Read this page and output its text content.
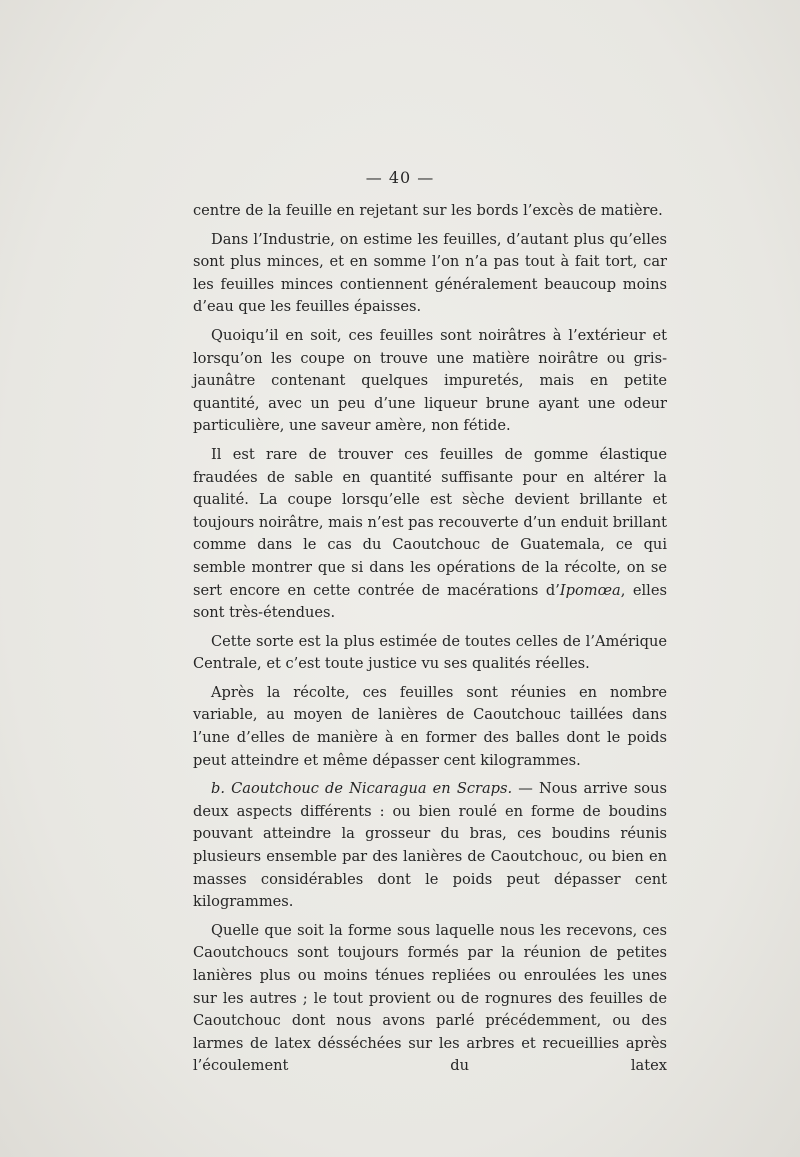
— 40 —

centre de la feuille en rejetant sur les bords l’excès de matière.

Dans l’Industrie, on estime les feuilles, d’autant plus qu’elles sont plus minces, et en somme l’on n’a pas tout à fait tort, car les feuilles minces contiennent généralement beaucoup moins d’eau que les feuilles épaisses.

Quoiqu’il en soit, ces feuilles sont noirâtres à l’extérieur et lorsqu’on les coupe on trouve une matière noirâtre ou gris-jaunâtre contenant quelques impuretés, mais en petite quantité, avec un peu d’une liqueur brune ayant une odeur particulière, une saveur amère, non fétide.

Il est rare de trouver ces feuilles de gomme élastique fraudées de sable en quantité suffisante pour en altérer la qualité. La coupe lorsqu’elle est sèche devient brillante et toujours noirâtre, mais n’est pas recouverte d’un enduit brillant comme dans le cas du Caoutchouc de Guatemala, ce qui semble montrer que si dans les opérations de la récolte, on se sert encore en cette contrée de macérations d’Ipomœa, elles sont très-étendues.

Cette sorte est la plus estimée de toutes celles de l’Amérique Centrale, et c’est toute justice vu ses qualités réelles.

Après la récolte, ces feuilles sont réunies en nombre variable, au moyen de lanières de Caoutchouc taillées dans l’une d’elles de manière à en former des balles dont le poids peut atteindre et même dépasser cent kilogrammes.

b. Caoutchouc de Nicaragua en Scraps. — Nous arrive sous deux aspects différents : ou bien roulé en forme de boudins pouvant atteindre la grosseur du bras, ces boudins réunis plusieurs ensemble par des lanières de Caoutchouc, ou bien en masses considérables dont le poids peut dépasser cent kilogrammes.

Quelle que soit la forme sous laquelle nous les recevons, ces Caoutchoucs sont toujours formés par la réunion de petites lanières plus ou moins ténues repliées ou enroulées les unes sur les autres ; le tout provient ou de rognures des feuilles de Caoutchouc dont nous avons parlé précédemment, ou des larmes de latex désséchées sur les arbres et recueillies après l’écoulement du latex
